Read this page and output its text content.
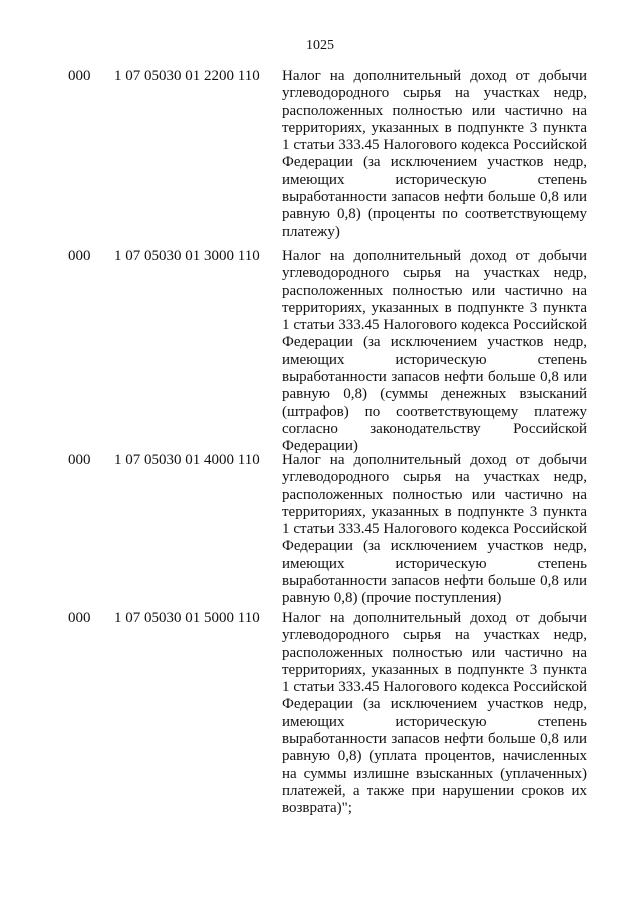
1025
000 1 07 05030 01 2200 110 Налог на дополнительный доход от добычи углеводородного сырья на участках недр, расположенных полностью или частично на территориях, указанных в подпункте 3 пункта 1 статьи 333.45 Налогового кодекса Российской Федерации (за исключением участков недр, имеющих историческую степень выработанности запасов нефти больше 0,8 или равную 0,8) (проценты по соответствующему платежу)
000 1 07 05030 01 3000 110 Налог на дополнительный доход от добычи углеводородного сырья на участках недр, расположенных полностью или частично на территориях, указанных в подпункте 3 пункта 1 статьи 333.45 Налогового кодекса Российской Федерации (за исключением участков недр, имеющих историческую степень выработанности запасов нефти больше 0,8 или равную 0,8) (суммы денежных взысканий (штрафов) по соответствующему платежу согласно законодательству Российской Федерации)
000 1 07 05030 01 4000 110 Налог на дополнительный доход от добычи углеводородного сырья на участках недр, расположенных полностью или частично на территориях, указанных в подпункте 3 пункта 1 статьи 333.45 Налогового кодекса Российской Федерации (за исключением участков недр, имеющих историческую степень выработанности запасов нефти больше 0,8 или равную 0,8) (прочие поступления)
000 1 07 05030 01 5000 110 Налог на дополнительный доход от добычи углеводородного сырья на участках недр, расположенных полностью или частично на территориях, указанных в подпункте 3 пункта 1 статьи 333.45 Налогового кодекса Российской Федерации (за исключением участков недр, имеющих историческую степень выработанности запасов нефти больше 0,8 или равную 0,8) (уплата процентов, начисленных на суммы излишне взысканных (уплаченных) платежей, а также при нарушении сроков их возврата)";
